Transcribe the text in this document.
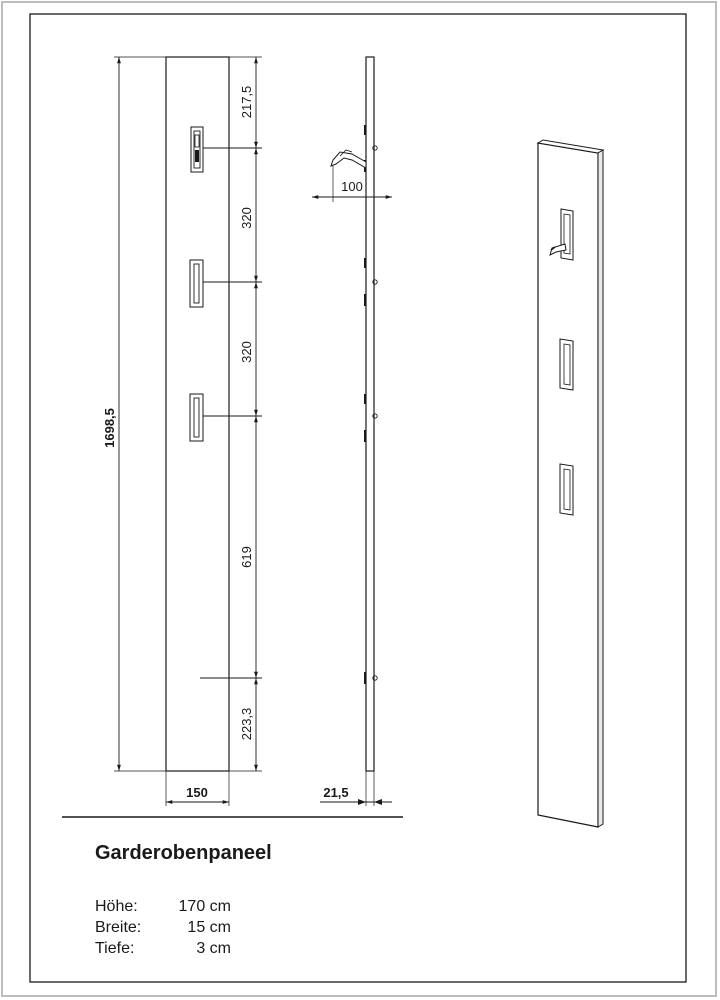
217,5
320
320
619
223,3
1698,5
150
100
21,5
Garderobenpaneel
Höhe:	170 cm
Breite:	15 cm
Tiefe:	3 cm
